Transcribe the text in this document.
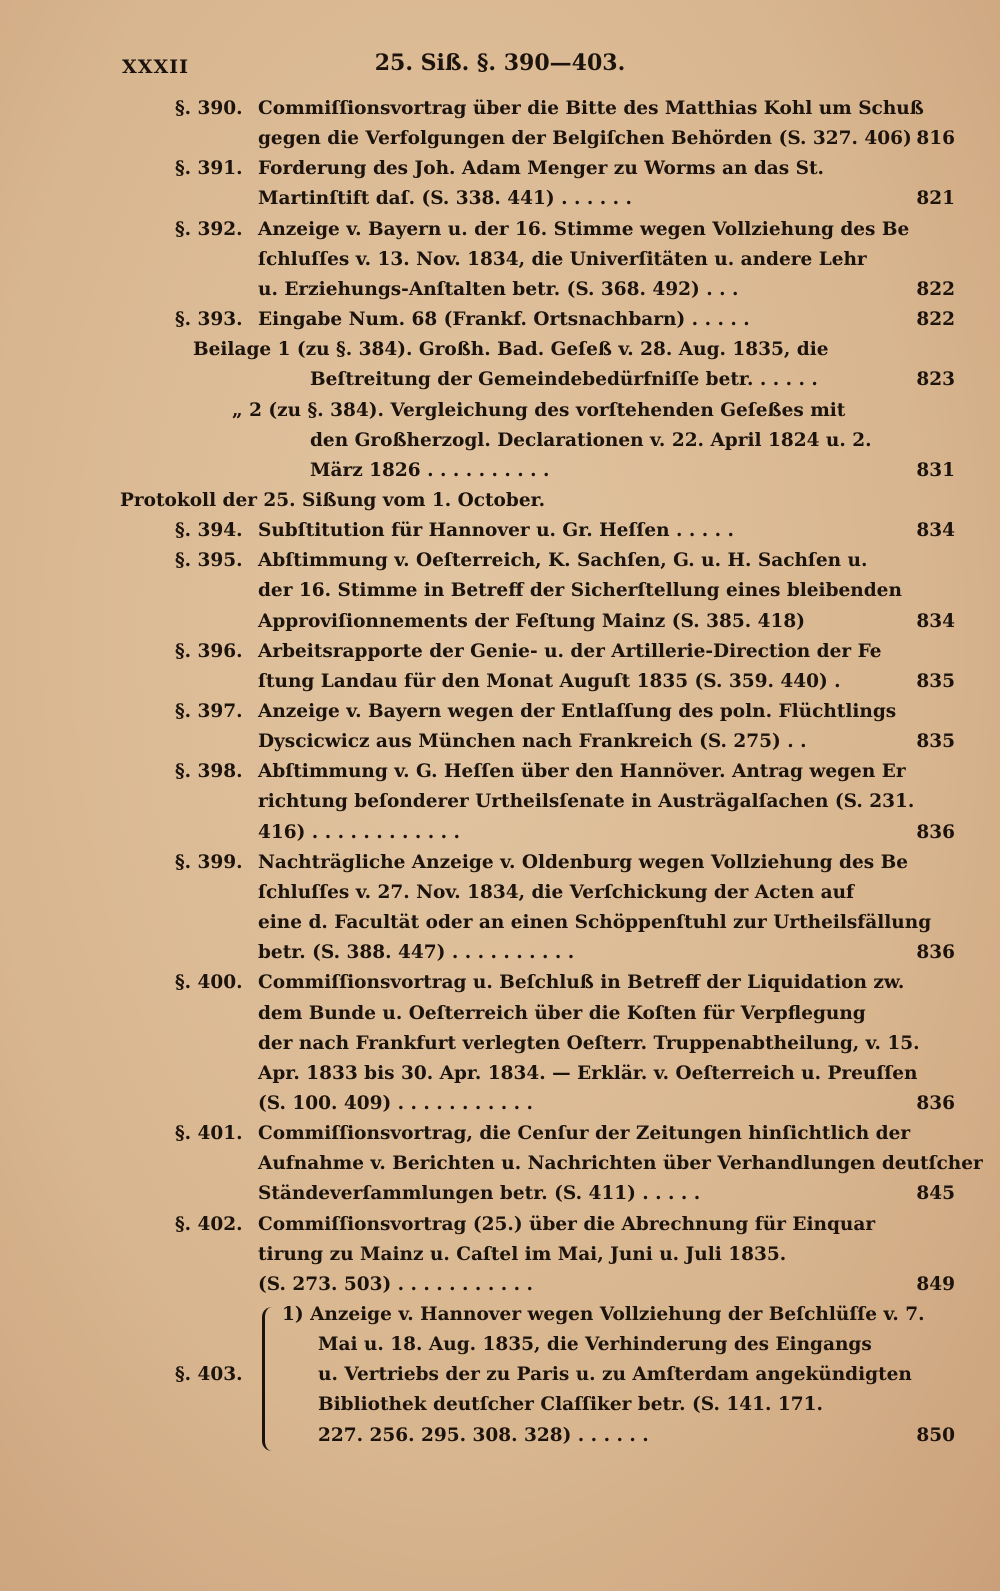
XXXII	25. Siß. §. 390—403.
§. 390. Commiſſionsvortrag über die Bitte des Matthias Kohl um Schuß
gegen die Verfolgungen der Belgiſchen Behörden (S. 327. 406) 816
§. 391. Forderung des Joh. Adam Menger zu Worms an das St.
Martinſtift daſ. (S. 338. 441) . . . . . .	821
§. 392. Anzeige v. Bayern u. der 16. Stimme wegen Vollziehung des Be
ſchluſſes v. 13. Nov. 1834, die Univerſitäten u. andere Lehr
u. Erziehungs-Anſtalten betr. (S. 368. 492) . . .	822
§. 393. Eingabe Num. 68 (Frankf. Ortsnachbarn) . . . . .	822
Beilage 1 (zu §. 384). Großh. Bad. Geſeß v. 28. Aug. 1835, die
Beſtreitung der Gemeindebedürfniſſe betr. . . . . .	823
„ 2 (zu §. 384). Vergleichung des vorſtehenden Geſeßes mit
den Großherzogl. Declarationen v. 22. April 1824 u. 2.
März 1826 . . . . . . . . . .	831
Protokoll der 25. Sißung vom 1. October.
§. 394. Subſtitution für Hannover u. Gr. Heſſen . . . . .	834
§. 395. Abſtimmung v. Oeſterreich, K. Sachſen, G. u. H. Sachſen u.
der 16. Stimme in Betreff der Sicherſtellung eines bleibenden
Approviſionnements der Feſtung Mainz (S. 385. 418)	834
§. 396. Arbeitsrapporte der Genie- u. der Artillerie-Direction der Fe
ſtung Landau für den Monat Auguſt 1835 (S. 359. 440) .	835
§. 397. Anzeige v. Bayern wegen der Entlaſſung des poln. Flüchtlings
Dyscicwicz aus München nach Frankreich (S. 275) . .	835
§. 398. Abſtimmung v. G. Heſſen über den Hannöver. Antrag wegen Er
richtung beſonderer Urtheilsſenate in Austrägalſachen (S. 231.
416) . . . . . . . . . . . .	836
§. 399. Nachträgliche Anzeige v. Oldenburg wegen Vollziehung des Be
ſchluſſes v. 27. Nov. 1834, die Verſchickung der Acten auf
eine d. Facultät oder an einen Schöppenſtuhl zur Urtheilsfällung
betr. (S. 388. 447) . . . . . . . . . .	836
§. 400. Commiſſionsvortrag u. Beſchluß in Betreff der Liquidation zw.
dem Bunde u. Oeſterreich über die Koſten für Verpflegung
der nach Frankfurt verlegten Oeſterr. Truppenabtheilung, v. 15.
Apr. 1833 bis 30. Apr. 1834. — Erklär. v. Oeſterreich u. Preuſſen
(S. 100. 409) . . . . . . . . . . .	836
§. 401. Commiſſionsvortrag, die Cenſur der Zeitungen hinſichtlich der
Aufnahme v. Berichten u. Nachrichten über Verhandlungen deutſcher
Ständeverſammlungen betr. (S. 411) . . . . .	845
§. 402. Commiſſionsvortrag (25.) über die Abrechnung für Einquar
tirung zu Mainz u. Caſtel im Mai, Juni u. Juli 1835.
(S. 273. 503) . . . . . . . . . . .	849
§. 403.
1) Anzeige v. Hannover wegen Vollziehung der Beſchlüſſe v. 7.
Mai u. 18. Aug. 1835, die Verhinderung des Eingangs
u. Vertriebs der zu Paris u. zu Amſterdam angekündigten
Bibliothek deutſcher Claſſiker betr. (S. 141. 171.
227. 256. 295. 308. 328) . . . . . .	850
